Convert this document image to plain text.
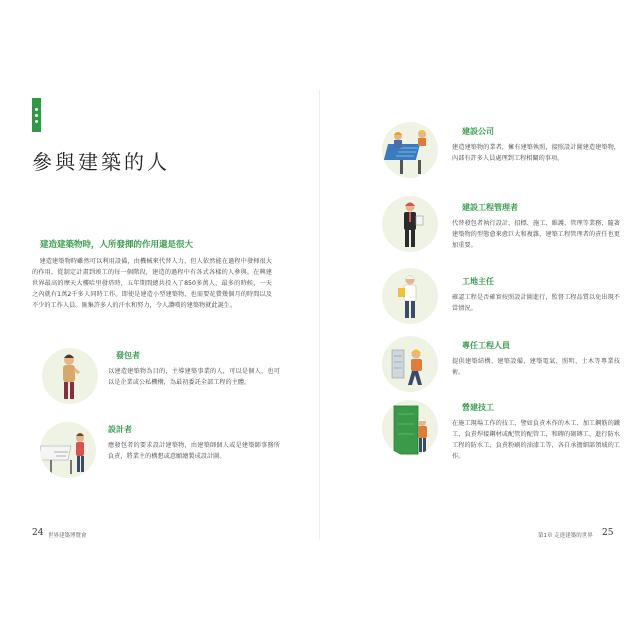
參與建築的人

建造建築物時，人所發揮的作用還是很大

建造建築物時雖然可以利用設備，由機械來代替人力，但人依然能在過程中發揮很大的作用，從制定計畫到竣工的每一個階段，建造的過程中有各式各樣的人參與。在興建世界最高的摩天大樓哈里發塔時，五年期間總共投入了850多萬人，最多的時候，一天之內就有1萬2千多人同時工作。即使是建造小型建築物，也需要花費幾個月的時間以及不少的工作人員。匯集許多人的汗水和努力，令人讚嘆的建築物就此誕生。

發包者

以建造建築物為目的，主導建築事業的人，可以是個人，也可以是企業或公私機構，為最初委託全部工程的主體。

設計者

應發包者的要求設計建築物，由建築師個人或是建築師事務所負責，將業主的構想或意願繪製成設計圖。

24 世界建築博覽會

建設公司

建造建築物的業者，擁有建築執照，接照設計圖建造建築物，內部有許多人員處理到工程相關的事項。

建設工程管理者

代替發包者執行設計、招標、施工、維護、管理等業務，隨著建築物的型態愈來愈巨大和複雜，建築工程管理者的責任也更加重要。

工地主任

確認工程是否確實按照設計圖進行，監督工程品質以免出現不當情況。

專任工程人員

提供建築結構、建築設備、建築電氣、照明、土木等專業技術。

營建技工

在施工現場工作的技工，譬如負責木作的木工、加工鋼筋的鐵工、負責焊接鋼材或配管的配管工、和磚的砌磚工、進行防水工程的防水工、負責粉刷的油漆工等，各自承擔細部領域的工作。

第1章 走進建築的世界 25
